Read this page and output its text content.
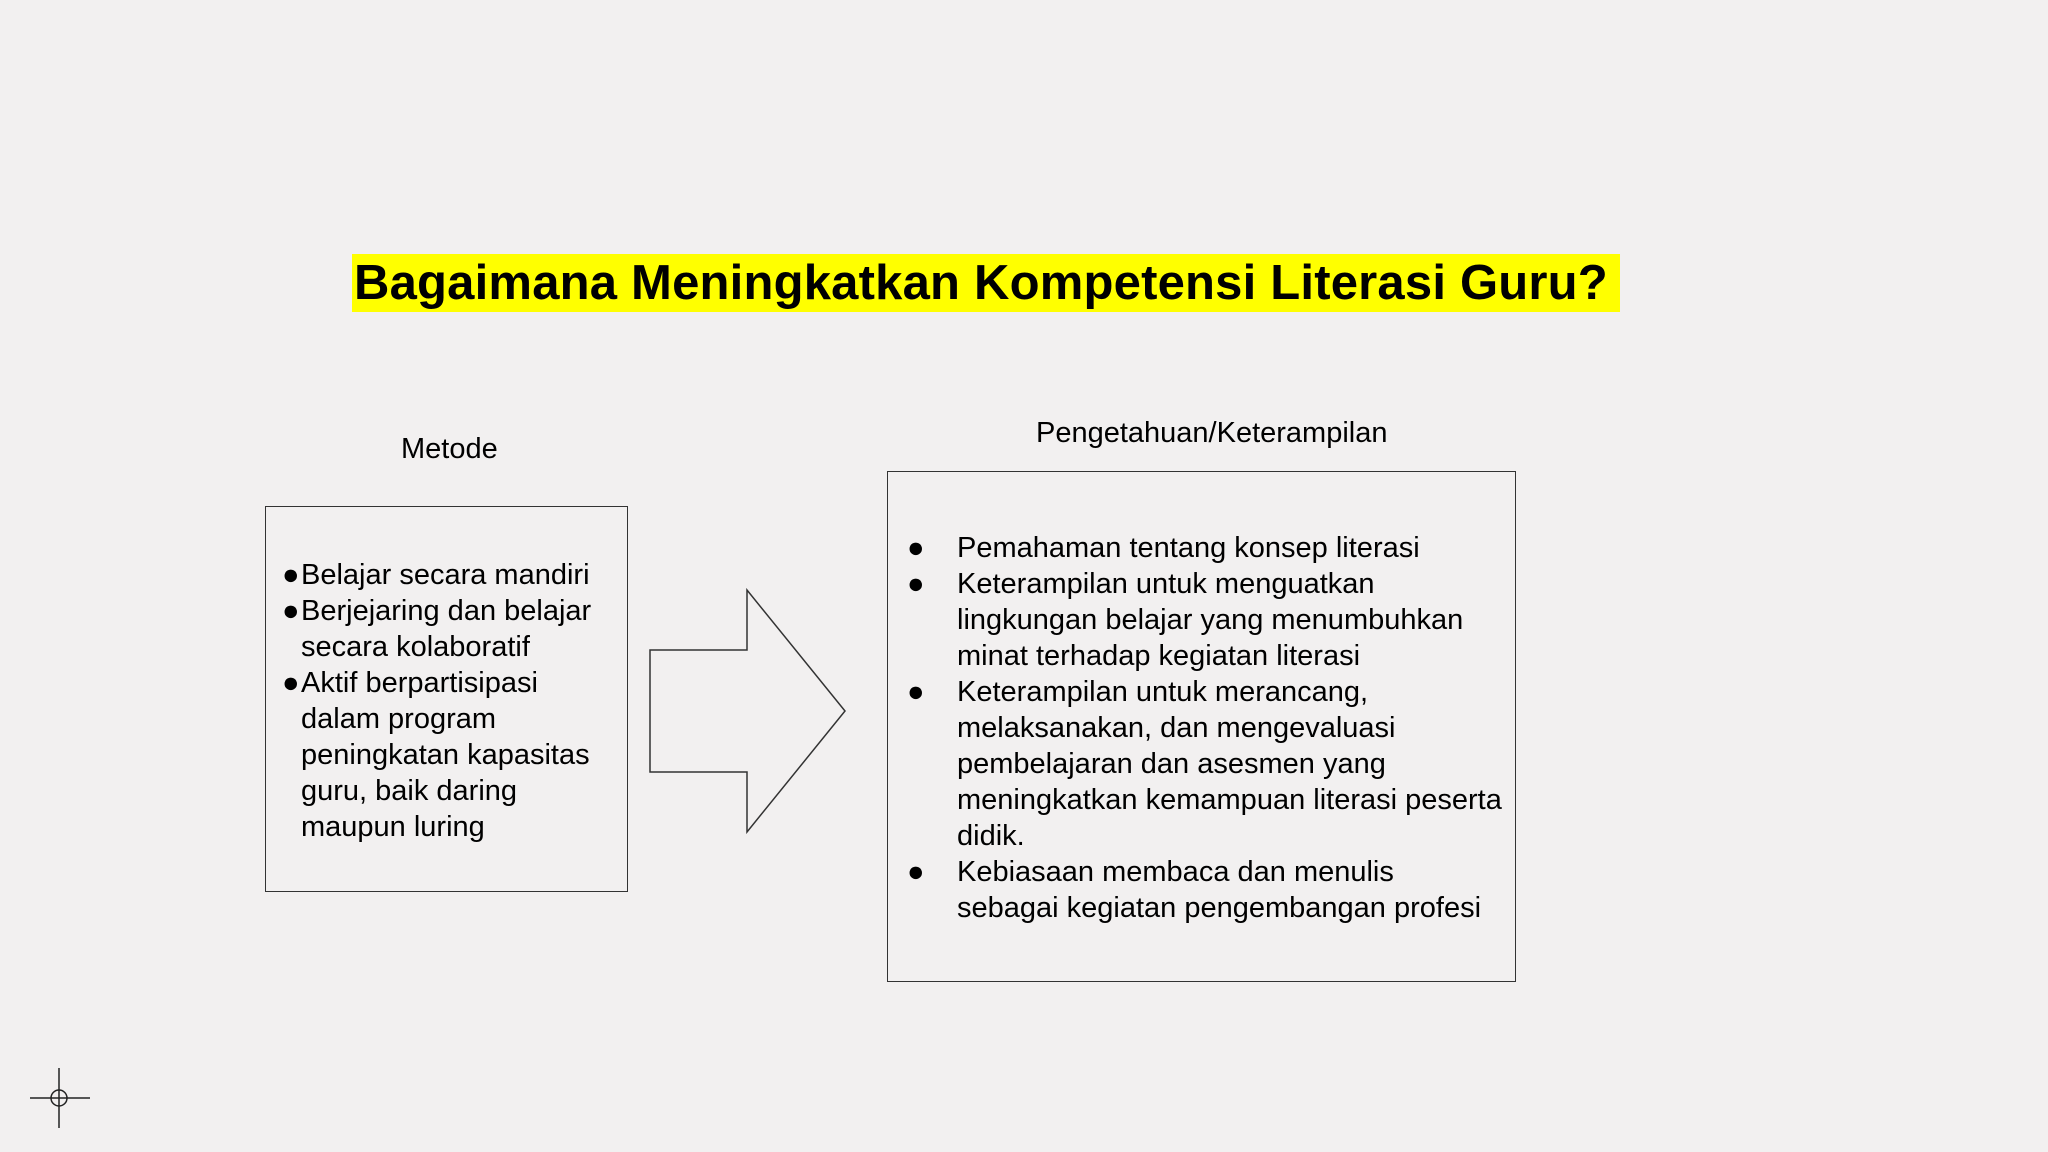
Bagaimana Meningkatkan Kompetensi Literasi Guru?
Metode	Pengetahuan/Keterampilan
● Belajar secara mandiri
● Berjejaring dan belajar secara kolaboratif
● Aktif berpartisipasi dalam program peningkatan kapasitas guru, baik daring maupun luring
● Pemahaman tentang konsep literasi
● Keterampilan untuk menguatkan lingkungan belajar yang menumbuhkan minat terhadap kegiatan literasi
● Keterampilan untuk merancang, melaksanakan, dan mengevaluasi pembelajaran dan asesmen yang meningkatkan kemampuan literasi peserta didik.
● Kebiasaan membaca dan menulis sebagai kegiatan pengembangan profesi
